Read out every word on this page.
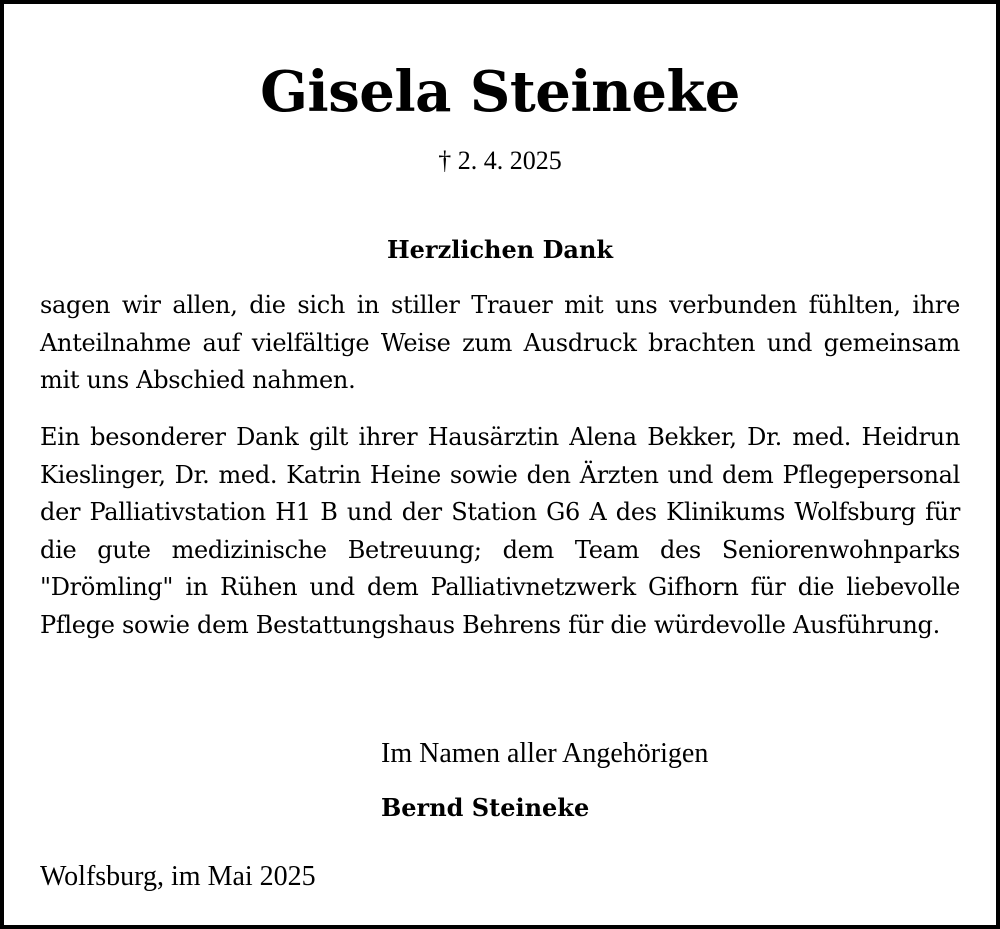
Gisela Steineke

† 2. 4. 2025

Herzlichen Dank

sagen wir allen, die sich in stiller Trauer mit uns verbunden fühlten, ihre Anteilnahme auf vielfältige Weise zum Ausdruck brachten und gemeinsam mit uns Abschied nahmen.

Ein besonderer Dank gilt ihrer Hausärztin Alena Bekker, Dr. med. Heidrun Kieslinger, Dr. med. Katrin Heine sowie den Ärzten und dem Pflegepersonal der Palliativstation H1 B und der Station G6 A des Klinikums Wolfsburg für die gute medizinische Betreuung; dem Team des Seniorenwohnparks "Drömling" in Rühen und dem Palliativnetzwerk Gifhorn für die liebevolle Pflege sowie dem Bestattungshaus Behrens für die würdevolle Ausführung.

Im Namen aller Angehörigen

Bernd Steineke

Wolfsburg, im Mai 2025
